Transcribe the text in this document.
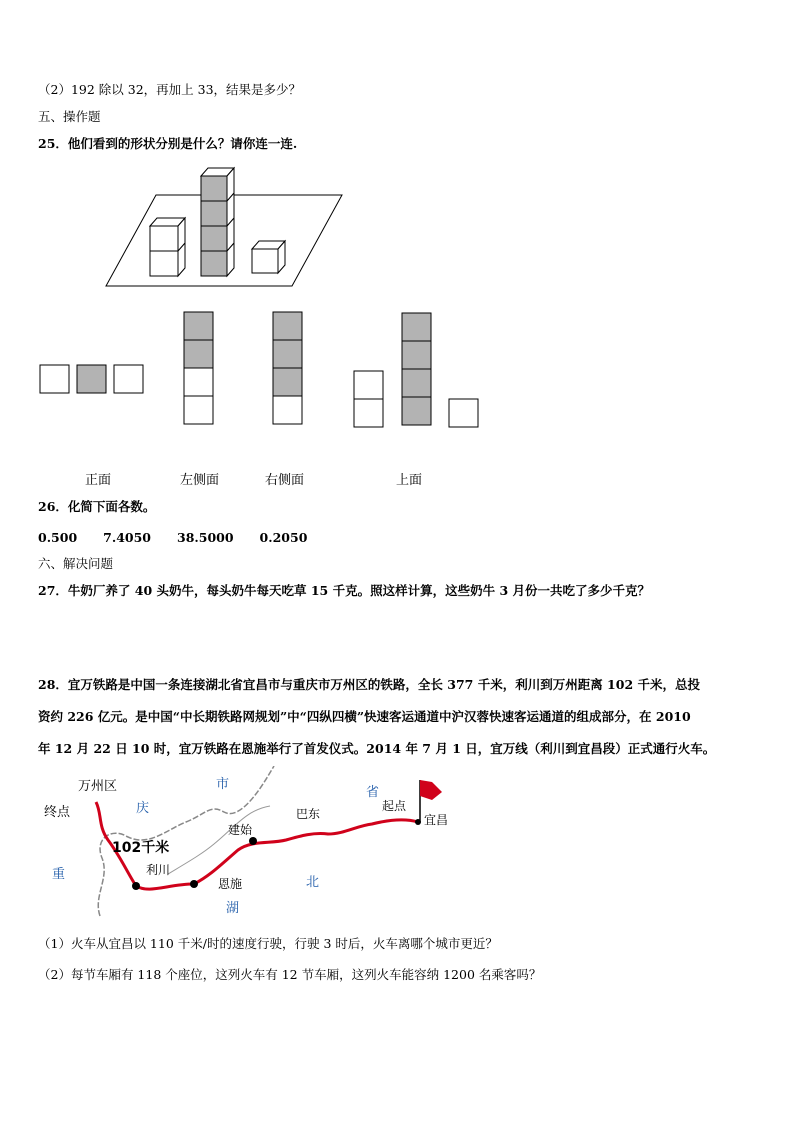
（2）192 除以 32，再加上 33，结果是多少？
五、操作题
25．他们看到的形状分别是什么？请你连一连.
正面	左侧面	右侧面	上面
26．化简下面各数。
0.500 7.4050 38.5000 0.2050
六、解决问题
27．牛奶厂养了 40 头奶牛，每头奶牛每天吃草 15 千克。照这样计算，这些奶牛 3 月份一共吃了多少千克？
28．宜万铁路是中国一条连接湖北省宜昌市与重庆市万州区的铁路，全长 377 千米，利川到万州距离 102 千米，总投
资约 226 亿元。是中国“中长期铁路网规划”中“四纵四横”快速客运通道中沪汉蓉快速客运通道的组成部分，在 2010
年 12 月 22 日 10 时，宜万铁路在恩施举行了首发仪式。2014 年 7 月 1 日，宜万线（利川到宜昌段）正式通行火车。
万州区
终点	庆
重
市
省
北
湖
102千米
利川
恩施
建始
巴东
起点
宜昌
（1）火车从宜昌以 110 千米/时的速度行驶，行驶 3 时后，火车离哪个城市更近？
（2）每节车厢有 118 个座位，这列火车有 12 节车厢，这列火车能容纳 1200 名乘客吗？
